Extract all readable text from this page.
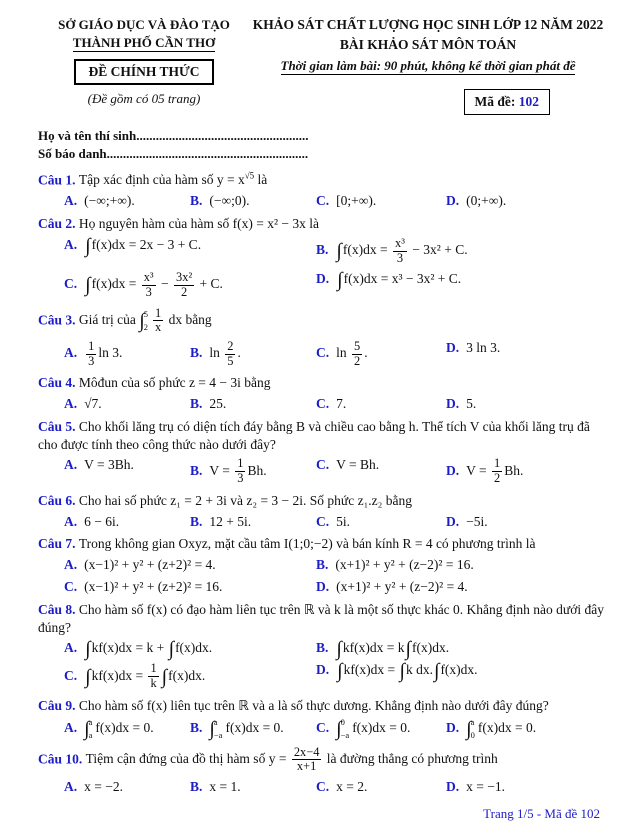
SỞ GIÁO DỤC VÀ ĐÀO TẠO
THÀNH PHỐ CẦN THƠ
ĐỀ CHÍNH THỨC
(Đề gồm có 05 trang)
KHẢO SÁT CHẤT LƯỢNG HỌC SINH LỚP 12 NĂM 2022
BÀI KHẢO SÁT MÔN TOÁN
Thời gian làm bài: 90 phút, không kể thời gian phát đề
Mã đề: 102
Họ và tên thí sinh.....................................................
Số báo danh..............................................................
Câu 1. Tập xác định của hàm số $y = x^{√5}$ là
A. (−∞;+∞).	B. (−∞;0).	C. [0;+∞).	D. (0;+∞).
Câu 2. Họ nguyên hàm của hàm số f(x) = x² − 3x là
A. ∫f(x)dx = 2x − 3 + C.	B. $\int f(x)dx = \frac{\text{x³}}{3} - 3x^2 + C$.
C. $\int f(x)dx = \frac{\text{x³}}{3} - \frac{\text{3x²}}{2} + C$.	D. ∫f(x)dx = x³ − 3x² + C.
Câu 3. Giá trị của ∫ 5
$2 \frac{1}{x}$ dx bằng
A. $\frac{1}{3}$ ln 3.	B. $\ln \frac{2}{5}$ .	C. $\ln \frac{5}{2}$ .	D. 3 ln 3.
Câu 4. Môđun của số phức z = 4 − 3i bằng
A. √7.	B. 25.	C. 7.	D. 5.
Câu 5. Cho khối lăng trụ có diện tích đáy bằng B và chiều cao bằng h. Thể tích V của khối lăng trụ đã cho được tính theo công thức nào dưới đây?
A. V = 3Bh.	B. $V = \frac{1}{3} Bh$.	C. V = Bh.	D. $V = \frac{1}{2} Bh$.
Câu 6. Cho hai số phức z₁ = 2 + 3i và z₂ = 3 − 2i. Số phức z₁.z₂ bằng
A. 6 − 6i.	B. 12 + 5i.	C. 5i.	D. −5i.
Câu 7. Trong không gian Oxyz, mặt cầu tâm I(1;0;−2) và bán kính R = 4 có phương trình là
A. (x−1)² + y² + (z+2)² = 4.	B. (x+1)² + y² + (z−2)² = 16.
C. (x−1)² + y² + (z+2)² = 16.	D. (x+1)² + y² + (z−2)² = 4.
Câu 8. Cho hàm số f(x) có đạo hàm liên tục trên ℝ và k là một số thực khác 0. Khẳng định nào dưới đây đúng?
A. ∫kf(x)dx = k + ∫f(x)dx.	B. ∫kf(x)dx = k∫f(x)dx.
C. $\int kf(x)dx = \frac{1}{k} \int f(x)dx$.	D. ∫kf(x)dx = ∫k dx.∫f(x)dx.
Câu 9. Cho hàm số f(x) liên tục trên ℝ và a là số thực dương. Khẳng định nào dưới đây đúng?
A. ∫ a
a
f(x)dx = 0.	B. ∫ a
−a
f(x)dx = 0.	C. ∫ 0
−a
f(x)dx = 0.	D. ∫ a
0
f(x)dx = 0.
Câu 10. Tiệm cận đứng của đồ thị hàm số $y = \frac{2x-4}{x+1}$ là đường thẳng có phương trình
A. x = −2.	B. x = 1.	C. x = 2.	D. x = −1.
Trang 1/5 - Mã đề 102
